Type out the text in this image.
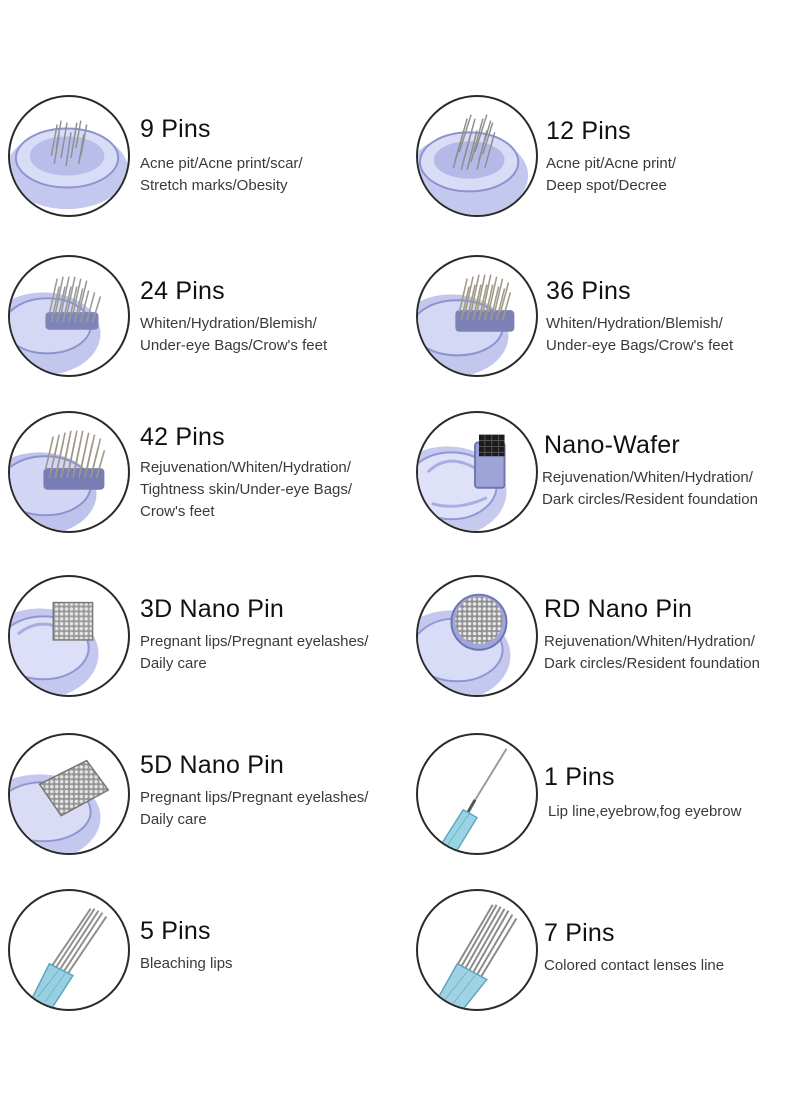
9 Pins
Acne pit/Acne print/scar/
Stretch marks/Obesity
12 Pins
Acne pit/Acne print/
Deep spot/Decree
24 Pins
Whiten/Hydration/Blemish/
Under-eye Bags/Crow's feet
36 Pins
Whiten/Hydration/Blemish/
Under-eye Bags/Crow's feet
42 Pins
Rejuvenation/Whiten/Hydration/
Tightness skin/Under-eye Bags/
Crow's feet
Nano-Wafer
Rejuvenation/Whiten/Hydration/
Dark circles/Resident foundation
3D Nano Pin
Pregnant lips/Pregnant eyelashes/
Daily care
RD Nano Pin
Rejuvenation/Whiten/Hydration/
Dark circles/Resident foundation
5D Nano Pin
Pregnant lips/Pregnant eyelashes/
Daily care
1 Pins
Lip line,eyebrow,fog eyebrow
5 Pins
Bleaching lips
7 Pins
Colored contact lenses line
